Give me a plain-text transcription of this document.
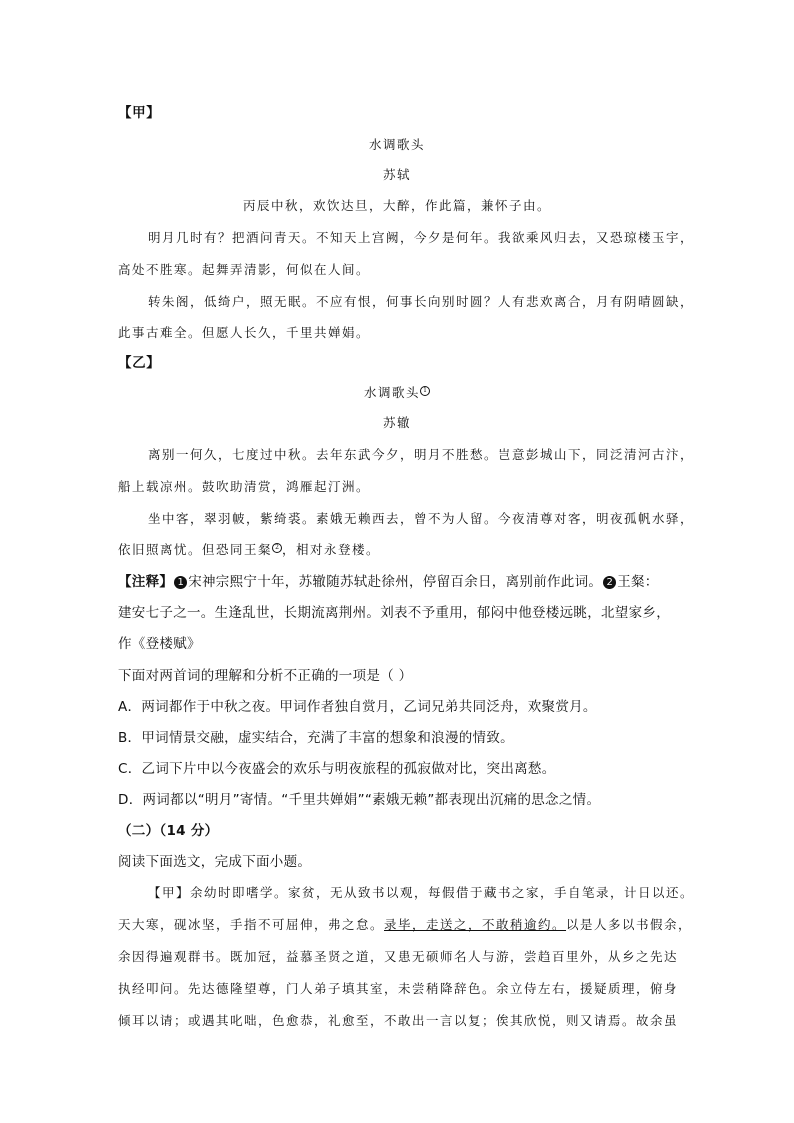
【甲】
水调歌头
苏轼
丙辰中秋，欢饮达旦，大醉，作此篇，兼怀子由。
明月几时有？把酒问青天。不知天上宫阙，今夕是何年。我欲乘风归去，又恐琼楼玉宇，
高处不胜寒。起舞弄清影，何似在人间。
转朱阁，低绮户，照无眠。不应有恨，何事长向别时圆？人有悲欢离合，月有阴晴圆缺，
此事古难全。但愿人长久，千里共婵娟。
【乙】
水调歌头 1
苏辙
离别一何久，七度过中秋。去年东武今夕，明月不胜愁。岂意彭城山下，同泛清河古汴，
船上载凉州。鼓吹助清赏，鸿雁起汀洲。
坐中客，翠羽帔，紫绮裘。素娥无赖西去，曾不为人留。今夜清尊对客，明夜孤帆水驿，
依旧照离忧。但恐同王粲 2 ，相对永登楼。
【注释】 1 宋神宗熙宁十年，苏辙随苏轼赴徐州，停留百余日，离别前作此词。 2 王粲：
建安七子之一。生逢乱世，长期流离荆州。刘表不予重用，郁闷中他登楼远眺，北望家乡，
作《登楼赋》
下面对两首词的理解和分析不正确的一项是（ ）
A．两词都作于中秋之夜。甲词作者独自赏月，乙词兄弟共同泛舟，欢聚赏月。
B．甲词情景交融，虚实结合，充满了丰富的想象和浪漫的情致。
C．乙词下片中以今夜盛会的欢乐与明夜旅程的孤寂做对比，突出离愁。
D．两词都以“明月”寄情。“千里共婵娟”“素娥无赖”都表现出沉痛的思念之情。
（二）（14 分）
阅读下面选文，完成下面小题。
【甲】余幼时即嗜学。家贫，无从致书以观，每假借于藏书之家，手自笔录，计日以还。
天大寒，砚冰坚，手指不可屈伸，弗之怠。录毕，走送之，不敢稍逾约。以是人多以书假余，
余因得遍观群书。既加冠，益慕圣贤之道，又患无硕师名人与游，尝趋百里外，从乡之先达
执经叩问。先达德隆望尊，门人弟子填其室，未尝稍降辞色。余立侍左右，援疑质理，俯身
倾耳以请；或遇其叱咄，色愈恭，礼愈至，不敢出一言以复；俟其欣悦，则又请焉。故余虽
